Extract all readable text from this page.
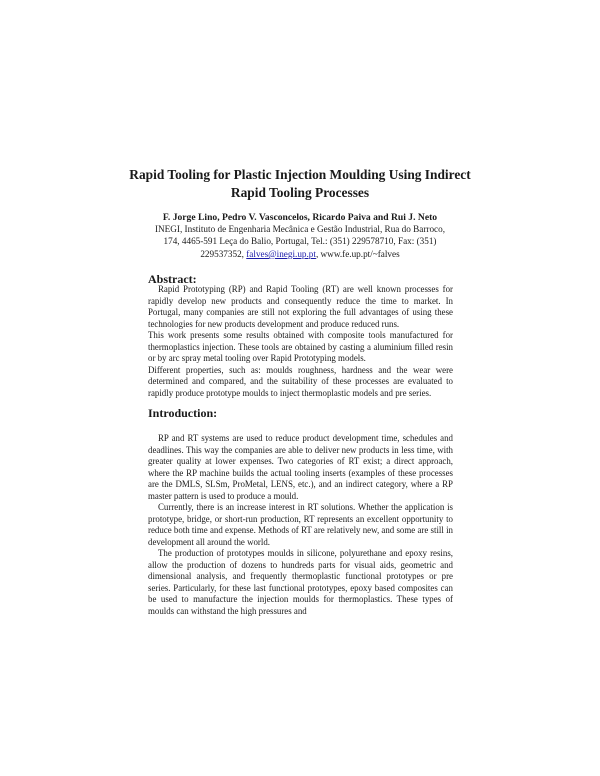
Rapid Tooling for Plastic Injection Moulding Using Indirect Rapid Tooling Processes
F. Jorge Lino, Pedro V. Vasconcelos, Ricardo Paiva and Rui J. Neto
INEGI, Instituto de Engenharia Mecânica e Gestão Industrial, Rua do Barroco,
174, 4465-591 Leça do Balio, Portugal, Tel.: (351) 229578710, Fax: (351)
229537352, falves@inegi.up.pt, www.fe.up.pt/~falves
Abstract:

Rapid Prototyping (RP) and Rapid Tooling (RT) are well known processes for rapidly develop new products and consequently reduce the time to market. In Portugal, many companies are still not exploring the full advantages of using these technologies for new products development and produce reduced runs.

This work presents some results obtained with composite tools manufactured for thermoplastics injection. These tools are obtained by casting a aluminium filled resin or by arc spray metal tooling over Rapid Prototyping models.

Different properties, such as: moulds roughness, hardness and the wear were determined and compared, and the suitability of these processes are evaluated to rapidly produce prototype moulds to inject thermoplastic models and pre series.

Introduction:

RP and RT systems are used to reduce product development time, schedules and deadlines. This way the companies are able to deliver new products in less time, with greater quality at lower expenses. Two categories of RT exist; a direct approach, where the RP machine builds the actual tooling inserts (examples of these processes are the DMLS, SLSm, ProMetal, LENS, etc.), and an indirect category, where a RP master pattern is used to produce a mould.

Currently, there is an increase interest in RT solutions. Whether the application is prototype, bridge, or short-run production, RT represents an excellent opportunity to reduce both time and expense. Methods of RT are relatively new, and some are still in development all around the world.

The production of prototypes moulds in silicone, polyurethane and epoxy resins, allow the production of dozens to hundreds parts for visual aids, geometric and dimensional analysis, and frequently thermoplastic functional prototypes or pre series. Particularly, for these last functional prototypes, epoxy based composites can be used to manufacture the injection moulds for thermoplastics. These types of moulds can withstand the high pressures and
